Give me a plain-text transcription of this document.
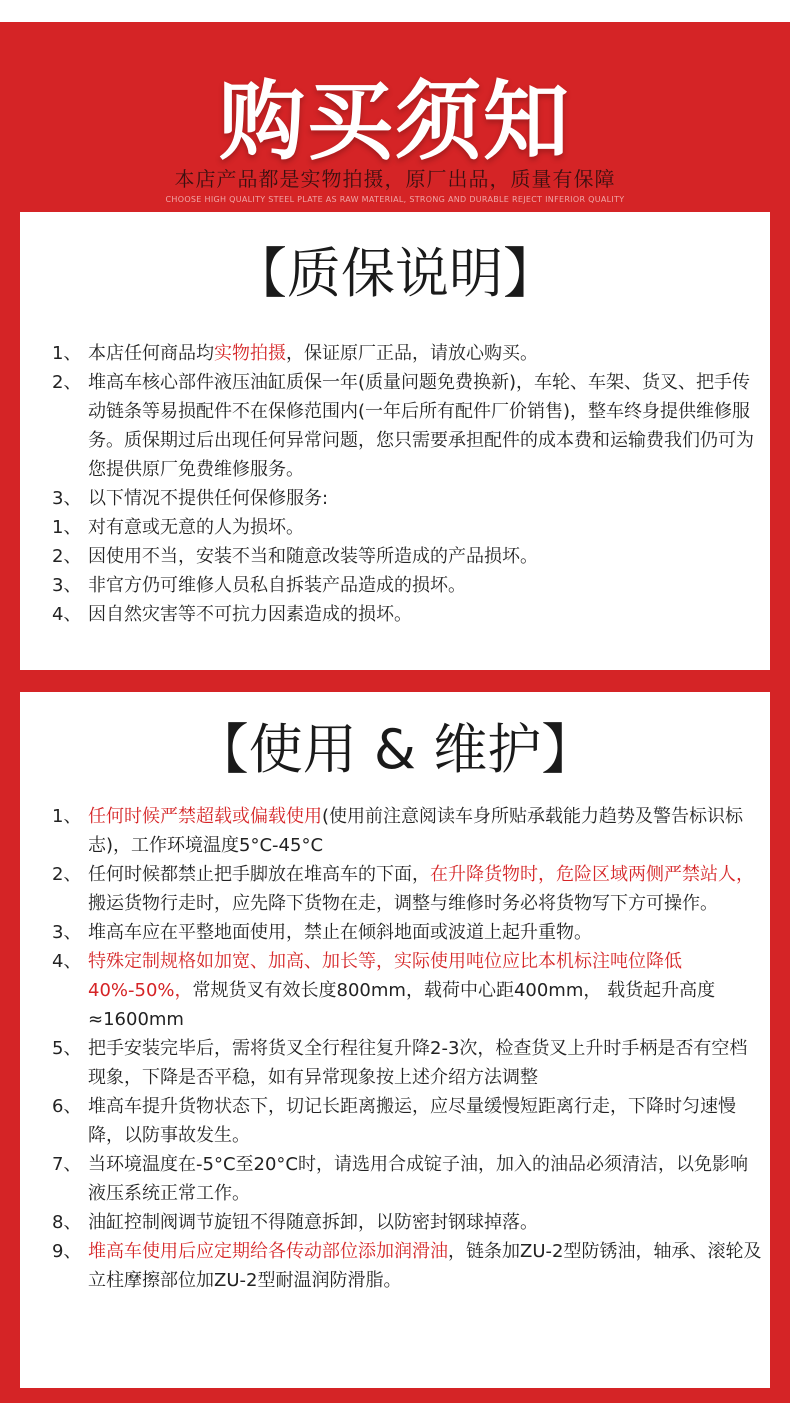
购买须知
本店产品都是实物拍摄，原厂出品，质量有保障
CHOOSE HIGH QUALITY STEEL PLATE AS RAW MATERIAL, STRONG AND DURABLE REJECT INFERIOR QUALITY
【质保说明】
1、 本店任何商品均实物拍摄，保证原厂正品，请放心购买。
2、 堆高车核心部件液压油缸质保一年(质量问题免费换新)，车轮、车架、货叉、把手传动链条等易损配件不在保修范围内(一年后所有配件厂价销售)，整车终身提供维修服务。质保期过后出现任何异常问题，您只需要承担配件的成本费和运输费我们仍可为您提供原厂免费维修服务。
3、 以下情况不提供任何保修服务:
1、 对有意或无意的人为损坏。
2、 因使用不当，安装不当和随意改装等所造成的产品损坏。
3、 非官方仍可维修人员私自拆装产品造成的损坏。
4、 因自然灾害等不可抗力因素造成的损坏。
【使用 & 维护】
1、 任何时候严禁超载或偏载使用(使用前注意阅读车身所贴承载能力趋势及警告标识标志)，工作环境温度5°C-45°C
2、 任何时候都禁止把手脚放在堆高车的下面，在升降货物时，危险区域两侧严禁站人，搬运货物行走时，应先降下货物在走，调整与维修时务必将货物写下方可操作。
3、 堆高车应在平整地面使用，禁止在倾斜地面或波道上起升重物。
4、 特殊定制规格如加宽、加高、加长等，实际使用吨位应比本机标注吨位降低40%-50%，常规货叉有效长度800mm，载荷中心距400mm， 载货起升高度≈1600mm
5、 把手安装完毕后，需将货叉全行程往复升降2-3次，检查货叉上升时手柄是否有空档现象，下降是否平稳，如有异常现象按上述介绍方法调整
6、 堆高车提升货物状态下，切记长距离搬运，应尽量缓慢短距离行走，下降时匀速慢降，以防事故发生。
7、 当环境温度在-5°C至20°C时，请选用合成锭子油，加入的油品必须清洁，以免影响液压系统正常工作。
8、 油缸控制阀调节旋钮不得随意拆卸，以防密封钢球掉落。
9、 堆高车使用后应定期给各传动部位添加润滑油，链条加ZU-2型防锈油，轴承、滚轮及立柱摩擦部位加ZU-2型耐温润防滑脂。
